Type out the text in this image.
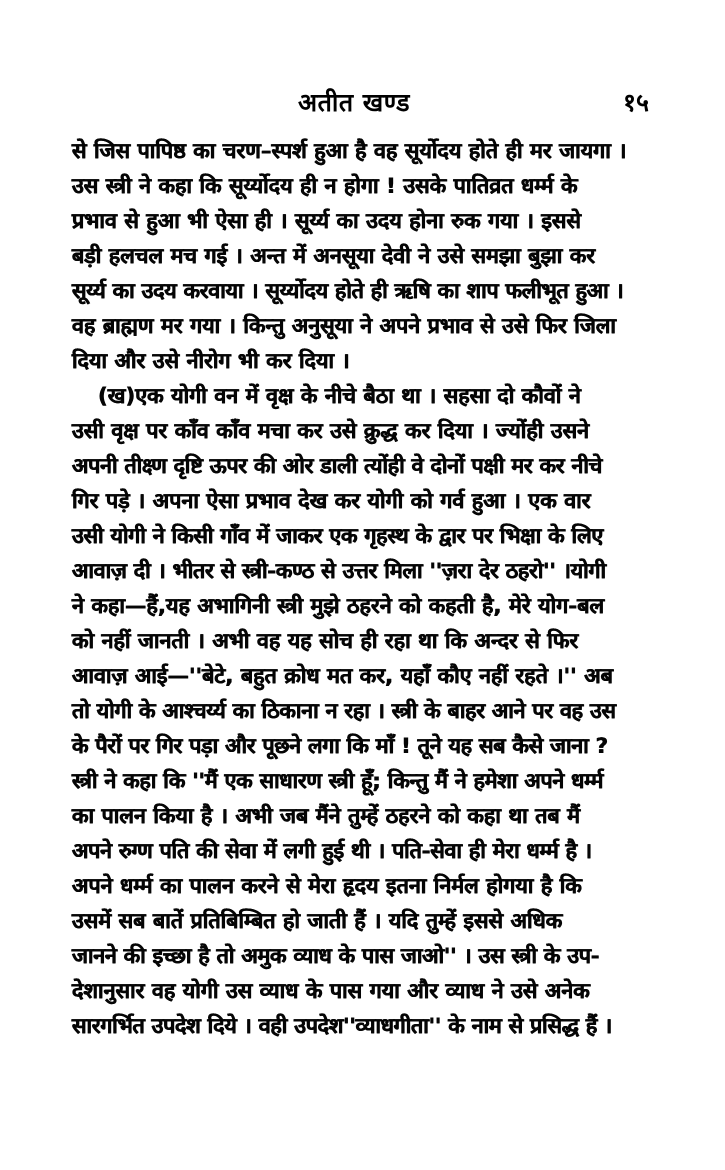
अतीत खण्ड	१५
से जिस पापिष्ठ का चरण–स्पर्श हुआ है वह सूर्योदय होते ही मर जायगा ।
उस स्त्री ने कहा कि सूर्य्योदय ही न होगा ! उसके पातिव्रत धर्म्म के
प्रभाव से हुआ भी ऐसा ही । सूर्य्य का उदय होना रुक गया । इससे
बड़ी हलचल मच गई । अन्त में अनसूया देवी ने उसे समझा बुझा कर
सूर्य्य का उदय करवाया । सूर्य्योदय होते ही ऋषि का शाप फलीभूत हुआ ।
वह ब्राह्मण मर गया । किन्तु अनुसूया ने अपने प्रभाव से उसे फिर जिला
दिया और उसे नीरोग भी कर दिया ।
(ख)एक योगी वन में वृक्ष के नीचे बैठा था । सहसा दो कौवों ने
उसी वृक्ष पर काँव काँव मचा कर उसे क्रुद्ध कर दिया । ज्याेंही उसने
अपनी तीक्ष्ण दृष्टि ऊपर की ओर डाली त्याेंही वे दोनों पक्षी मर कर नीचे
गिर पड़े । अपना ऐसा प्रभाव देख कर योगी को गर्व हुआ । एक वार
उसी योगी ने किसी गाँव में जाकर एक गृहस्थ के द्वार पर भिक्षा के लिए
आवाज़ दी । भीतर से स्त्री-कण्ठ से उत्तर मिला ''ज़रा देर ठहरो'' ।योगी
ने कहा—हैं,यह अभागिनी स्त्री मुझे ठहरने को कहती है, मेरे योग-बल
को नहीं जानती । अभी वह यह सोच ही रहा था कि अन्दर से फिर
आवाज़ आई—''बेटे, बहुत क्रोध मत कर, यहाँ कौए नहीं रहते ।'' अब
तो योगी के आश्चर्य्य का ठिकाना न रहा । स्त्री के बाहर आने पर वह उस
के पैरों पर गिर पड़ा और पूछने लगा कि माँ ! तूने यह सब कैसे जाना ?
स्त्री ने कहा कि ''मैं एक साधारण स्त्री हूँ; किन्तु मैं ने हमेशा अपने धर्म्म
का पालन किया है । अभी जब मैंने तुम्हें ठहरने को कहा था तब मैं
अपने रुग्ण पति की सेवा में लगी हुई थी । पति-सेवा ही मेरा धर्म्म है ।
अपने धर्म्म का पालन करने से मेरा हृदय इतना निर्मल होगया है कि
उसमें सब बातें प्रतिबिम्बित हो जाती हैं । यदि तुम्हें इससे अधिक
जानने की इच्छा है तो अमुक व्याध के पास जाओ'' । उस स्त्री के उप-
देशानुसार वह योगी उस व्याध के पास गया और व्याध ने उसे अनेक
सारगर्भित उपदेश दिये । वही उपदेश''व्याधगीता'' के नाम से प्रसिद्ध हैं ।
